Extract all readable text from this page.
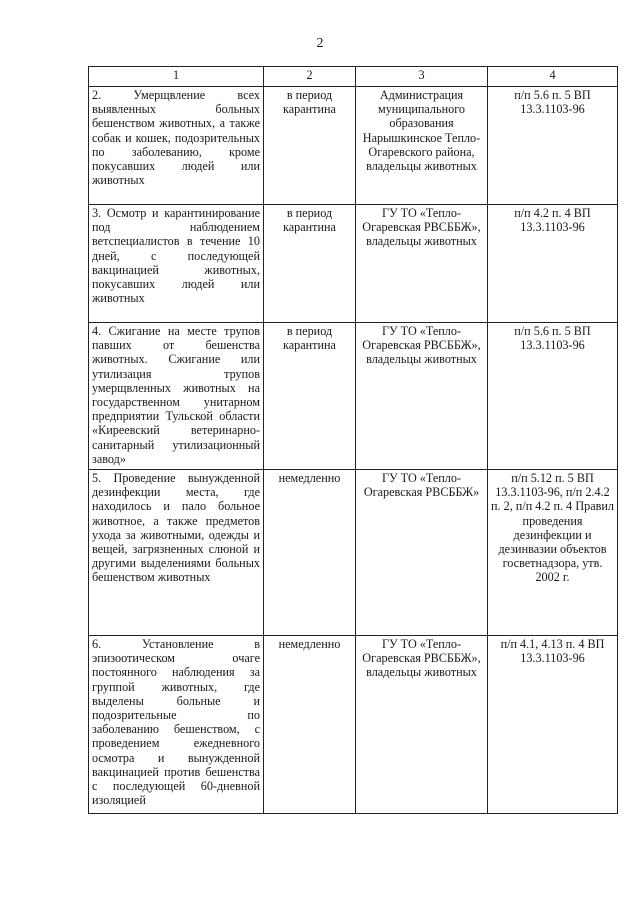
2
1	2	3	4
2. Умерщвление всех выявленных больных бешенством животных, а также собак и кошек, подозрительных по заболеванию, кроме покусавших людей или животных	в период карантина	Администрация муниципального образования Нарышкинское Тепло-Огаревского района, владельцы животных	п/п 5.6 п. 5 ВП 13.3.1103-96
3. Осмотр и карантинирование под наблюдением ветспециалистов в течение 10 дней, с последующей вакцинацией животных, покусавших людей или животных	в период карантина	ГУ ТО «Тепло-Огаревская РВСББЖ», владельцы животных	п/п 4.2 п. 4 ВП 13.3.1103-96
4. Сжигание на месте трупов павших от бешенства животных. Сжигание или утилизация трупов умерщвленных животных на государственном унитарном предприятии Тульской области «Киреевский ветеринарно-санитарный утилизационный завод»	в период карантина	ГУ ТО «Тепло-Огаревская РВСББЖ», владельцы животных	п/п 5.6 п. 5 ВП 13.3.1103-96
5. Проведение вынужденной дезинфекции места, где находилось и пало больное животное, а также предметов ухода за животными, одежды и вещей, загрязненных слюной и другими выделениями больных бешенством животных	немедленно	ГУ ТО «Тепло-Огаревская РВСББЖ»	п/п 5.12 п. 5 ВП 13.3.1103-96, п/п 2.4.2 п. 2, п/п 4.2 п. 4 Правил проведения дезинфекции и дезинвазии объектов госветнадзора, утв. 2002 г.
6. Установление в эпизоотическом очаге постоянного наблюдения за группой животных, где выделены больные и подозрительные по заболеванию бешенством, с проведением ежедневного осмотра и вынужденной вакцинацией против бешенства с последующей 60-дневной изоляцией	немедленно	ГУ ТО «Тепло-Огаревская РВСББЖ», владельцы животных	п/п 4.1, 4.13 п. 4 ВП 13.3.1103-96
